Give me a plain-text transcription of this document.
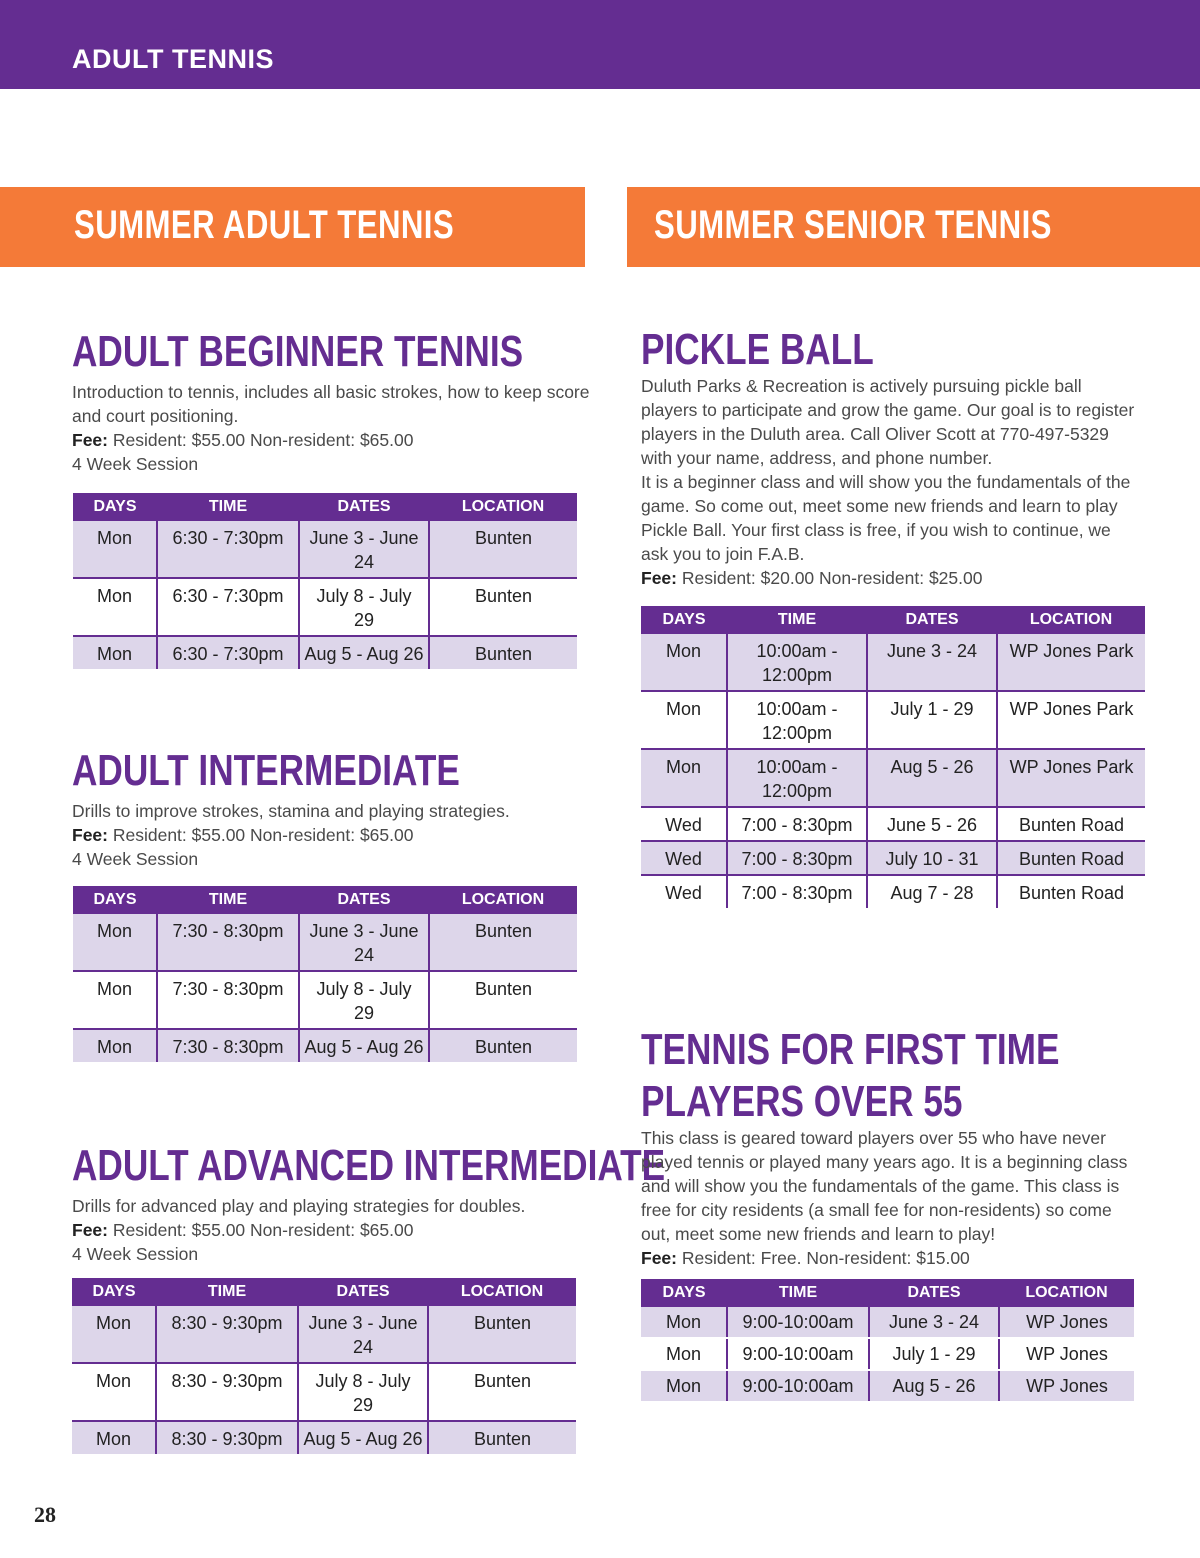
ADULT TENNIS
SUMMER ADULT TENNIS	SUMMER SENIOR TENNIS
ADULT BEGINNER TENNIS

Introduction to tennis, includes all basic strokes, how to keep score and court positioning.

Fee: Resident: $55.00 Non-resident: $65.00

4 Week Session

DAYS	TIME	DATES	LOCATION
Mon	6:30 - 7:30pm	June 3 - June 24	Bunten
Mon	6:30 - 7:30pm	July 8 - July 29	Bunten
Mon	6:30 - 7:30pm	Aug 5 - Aug 26	Bunten
ADULT INTERMEDIATE

Drills to improve strokes, stamina and playing strategies.

Fee: Resident: $55.00 Non-resident: $65.00

4 Week Session

DAYS	TIME	DATES	LOCATION
Mon	7:30 - 8:30pm	June 3 - June 24	Bunten
Mon	7:30 - 8:30pm	July 8 - July 29	Bunten
Mon	7:30 - 8:30pm	Aug 5 - Aug 26	Bunten
ADULT ADVANCED INTERMEDIATE

Drills for advanced play and playing strategies for doubles.

Fee: Resident: $55.00 Non-resident: $65.00

4 Week Session

DAYS	TIME	DATES	LOCATION
Mon	8:30 - 9:30pm	June 3 - June 24	Bunten
Mon	8:30 - 9:30pm	July 8 - July 29	Bunten
Mon	8:30 - 9:30pm	Aug 5 - Aug 26	Bunten
PICKLE BALL

Duluth Parks & Recreation is actively pursuing pickle ball players to participate and grow the game. Our goal is to register players in the Duluth area. Call Oliver Scott at 770-497-5329 with your name, address, and phone number.

It is a beginner class and will show you the fundamentals of the game. So come out, meet some new friends and learn to play Pickle Ball. Your first class is free, if you wish to continue, we ask you to join F.A.B.

Fee: Resident: $20.00 Non-resident: $25.00

DAYS	TIME	DATES	LOCATION
Mon	10:00am - 12:00pm	June 3 - 24	WP Jones Park
Mon	10:00am - 12:00pm	July 1 - 29	WP Jones Park
Mon	10:00am - 12:00pm	Aug 5 - 26	WP Jones Park
Wed	7:00 - 8:30pm	June 5 - 26	Bunten Road
Wed	7:00 - 8:30pm	July 10 - 31	Bunten Road
Wed	7:00 - 8:30pm	Aug 7 - 28	Bunten Road
TENNIS FOR FIRST TIME
PLAYERS OVER 55

This class is geared toward players over 55 who have never played tennis or played many years ago. It is a beginning class and will show you the fundamentals of the game. This class is free for city residents (a small fee for non-residents) so come out, meet some new friends and learn to play!

Fee: Resident: Free. Non-resident: $15.00

DAYS	TIME	DATES	LOCATION
Mon	9:00-10:00am	June 3 - 24	WP Jones
Mon	9:00-10:00am	July 1 - 29	WP Jones
Mon	9:00-10:00am	Aug 5 - 26	WP Jones
28
